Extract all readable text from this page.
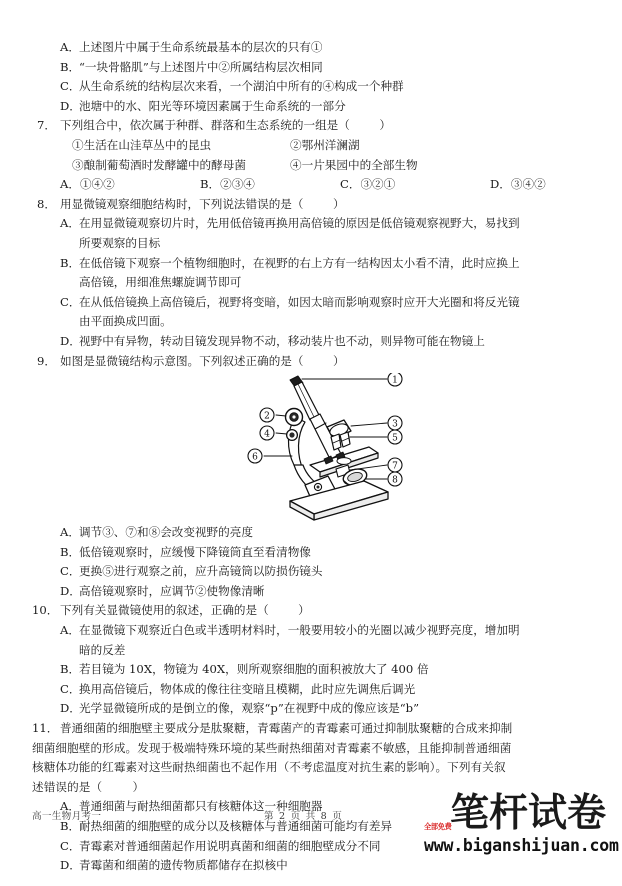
A． 上述图片中属于生命系统最基本的层次的只有①
B．
“一块骨骼肌”与上述图片中②所属结构层次相同
C．
从生命系统的结构层次来看，一个湖泊中所有的④构成一个种群
D．
池塘中的水、阳光等环境因素属于生命系统的一部分
7． 下列组合中，依次属于种群、群落和生态系统的一组是（        ）
①生活在山洼草丛中的昆虫	②鄂州洋澜湖
③酿制葡萄酒时发酵罐中的酵母菌	④一片果园中的全部生物
A．①④②	B．②③④	C．③②①	D．③④②
8． 用显微镜观察细胞结构时，下列说法错误的是（        ）
A． 在用显微镜观察切片时，先用低倍镜再换用高倍镜的原因是低倍镜观察视野大，易找到
所要观察的目标
B．
在低倍镜下观察一个植物细胞时，在视野的右上方有一结构因太小看不清，此时应换上
高倍镜，用细准焦螺旋调节即可
C．
在从低倍镜换上高倍镜后，视野将变暗，如因太暗而影响观察时应开大光圈和将反光镜
由平面换成凹面。
D．
视野中有异物，转动目镜发现异物不动，移动装片也不动，则异物可能在物镜上
9． 如图是显微镜结构示意图。下列叙述正确的是（        ）
1
2
3
4	5
6
7
8
A． 调节③、⑦和⑧会改变视野的亮度
B．
低倍镜观察时，应缓慢下降镜筒直至看清物像
C．
更换⑤进行观察之前，应升高镜筒以防损伤镜头
D．
高倍镜观察时，应调节②使物像清晰
10． 下列有关显微镜使用的叙述，正确的是（        ）
A． 在显微镜下观察近白色或半透明材料时，一般要用较小的光圈以减少视野亮度，增加明
暗的反差
B．
若目镜为 10X，物镜为 40X，则所观察细胞的面积被放大了 400 倍
C．
换用高倍镜后，物体成的像往往变暗且模糊，此时应先调焦后调光
D．
光学显微镜所成的是倒立的像，观察“p”在视野中成的像应该是“b”
11． 普通细菌的细胞壁主要成分是肽聚糖，青霉菌产的青霉素可通过抑制肽聚糖的合成来抑制
细菌细胞壁的形成。发现于极端特殊环境的某些耐热细菌对青霉素不敏感，且能抑制普通细菌
核糖体功能的红霉素对这些耐热细菌也不起作用（不考虑温度对抗生素的影响）。下列有关叙
述错误的是（        ）
A． 普通细菌与耐热细菌都只有核糖体这一种细胞器
B．
耐热细菌的细胞壁的成分以及核糖体与普通细菌可能均有差异
C．
青霉素对普通细菌起作用说明真菌和细菌的细胞壁成分不同
D．
青霉菌和细菌的遗传物质都储存在拟核中
高一生物月考一	第 2 页 共 8 页
全部免费
笔杆试卷
www.biganshijuan.com
